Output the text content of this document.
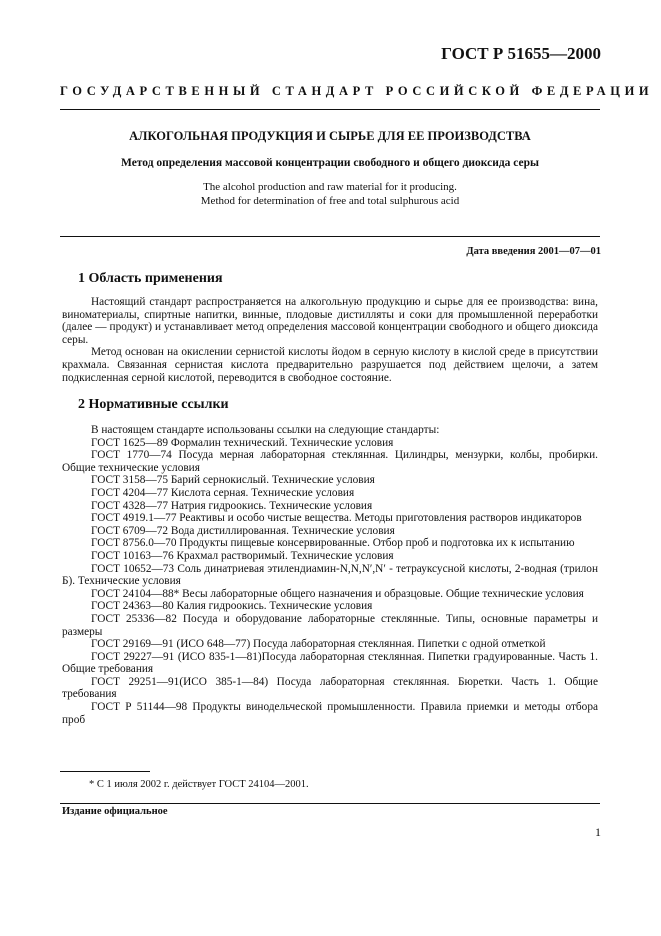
ГОСТ Р 51655—2000
ГОСУДАРСТВЕННЫЙ СТАНДАРТ РОССИЙСКОЙ ФЕДЕРАЦИИ
АЛКОГОЛЬНАЯ ПРОДУКЦИЯ И СЫРЬЕ ДЛЯ ЕЕ ПРОИЗВОДСТВА
Метод определения массовой концентрации свободного и общего диоксида серы
The alcohol production and raw material for it producing.
Method for determination of free and total sulphurous acid
Дата введения 2001—07—01
1 Область применения

Настоящий стандарт распространяется на алкогольную продукцию и сырье для ее производства: вина, виноматериалы, спиртные напитки, винные, плодовые дистилляты и соки для промышленной переработки (далее — продукт) и устанавливает метод определения массовой концентрации свободного и общего диоксида серы.

Метод основан на окислении сернистой кислоты йодом в серную кислоту в кислой среде в присутствии крахмала. Связанная сернистая кислота предварительно разрушается под действием щелочи, а затем подкисленная серной кислотой, переводится в свободное состояние.

2 Нормативные ссылки

В настоящем стандарте использованы ссылки на следующие стандарты:

ГОСТ 1625—89 Формалин технический. Технические условия

ГОСТ 1770—74 Посуда мерная лабораторная стеклянная. Цилиндры, мензурки, колбы, пробирки. Общие технические условия

ГОСТ 3158—75 Барий сернокислый. Технические условия

ГОСТ 4204—77 Кислота серная. Технические условия

ГОСТ 4328—77 Натрия гидроокись. Технические условия

ГОСТ 4919.1—77 Реактивы и особо чистые вещества. Методы приготовления растворов индикаторов

ГОСТ 6709—72 Вода дистиллированная. Технические условия

ГОСТ 8756.0—70 Продукты пищевые консервированные. Отбор проб и подготовка их к испытанию

ГОСТ 10163—76 Крахмал растворимый. Технические условия

ГОСТ 10652—73 Соль динатриевая этилендиамин-N,N,N′,N′ - тетрауксусной кислоты, 2-водная (трилон Б). Технические условия

ГОСТ 24104—88* Весы лабораторные общего назначения и образцовые. Общие технические условия

ГОСТ 24363—80 Калия гидроокись. Технические условия

ГОСТ 25336—82 Посуда и оборудование лабораторные стеклянные. Типы, основные параметры и размеры

ГОСТ 29169—91 (ИСО 648—77) Посуда лабораторная стеклянная. Пипетки с одной отметкой

ГОСТ 29227—91 (ИСО 835-1—81)Посуда лабораторная стеклянная. Пипетки градуированные. Часть 1. Общие требования

ГОСТ 29251—91(ИСО 385-1—84) Посуда лабораторная стеклянная. Бюретки. Часть 1. Общие требования

ГОСТ Р 51144—98 Продукты винодельческой промышленности. Правила приемки и методы отбора проб

* С 1 июля 2002 г. действует ГОСТ 24104—2001.
Издание официальное
1
